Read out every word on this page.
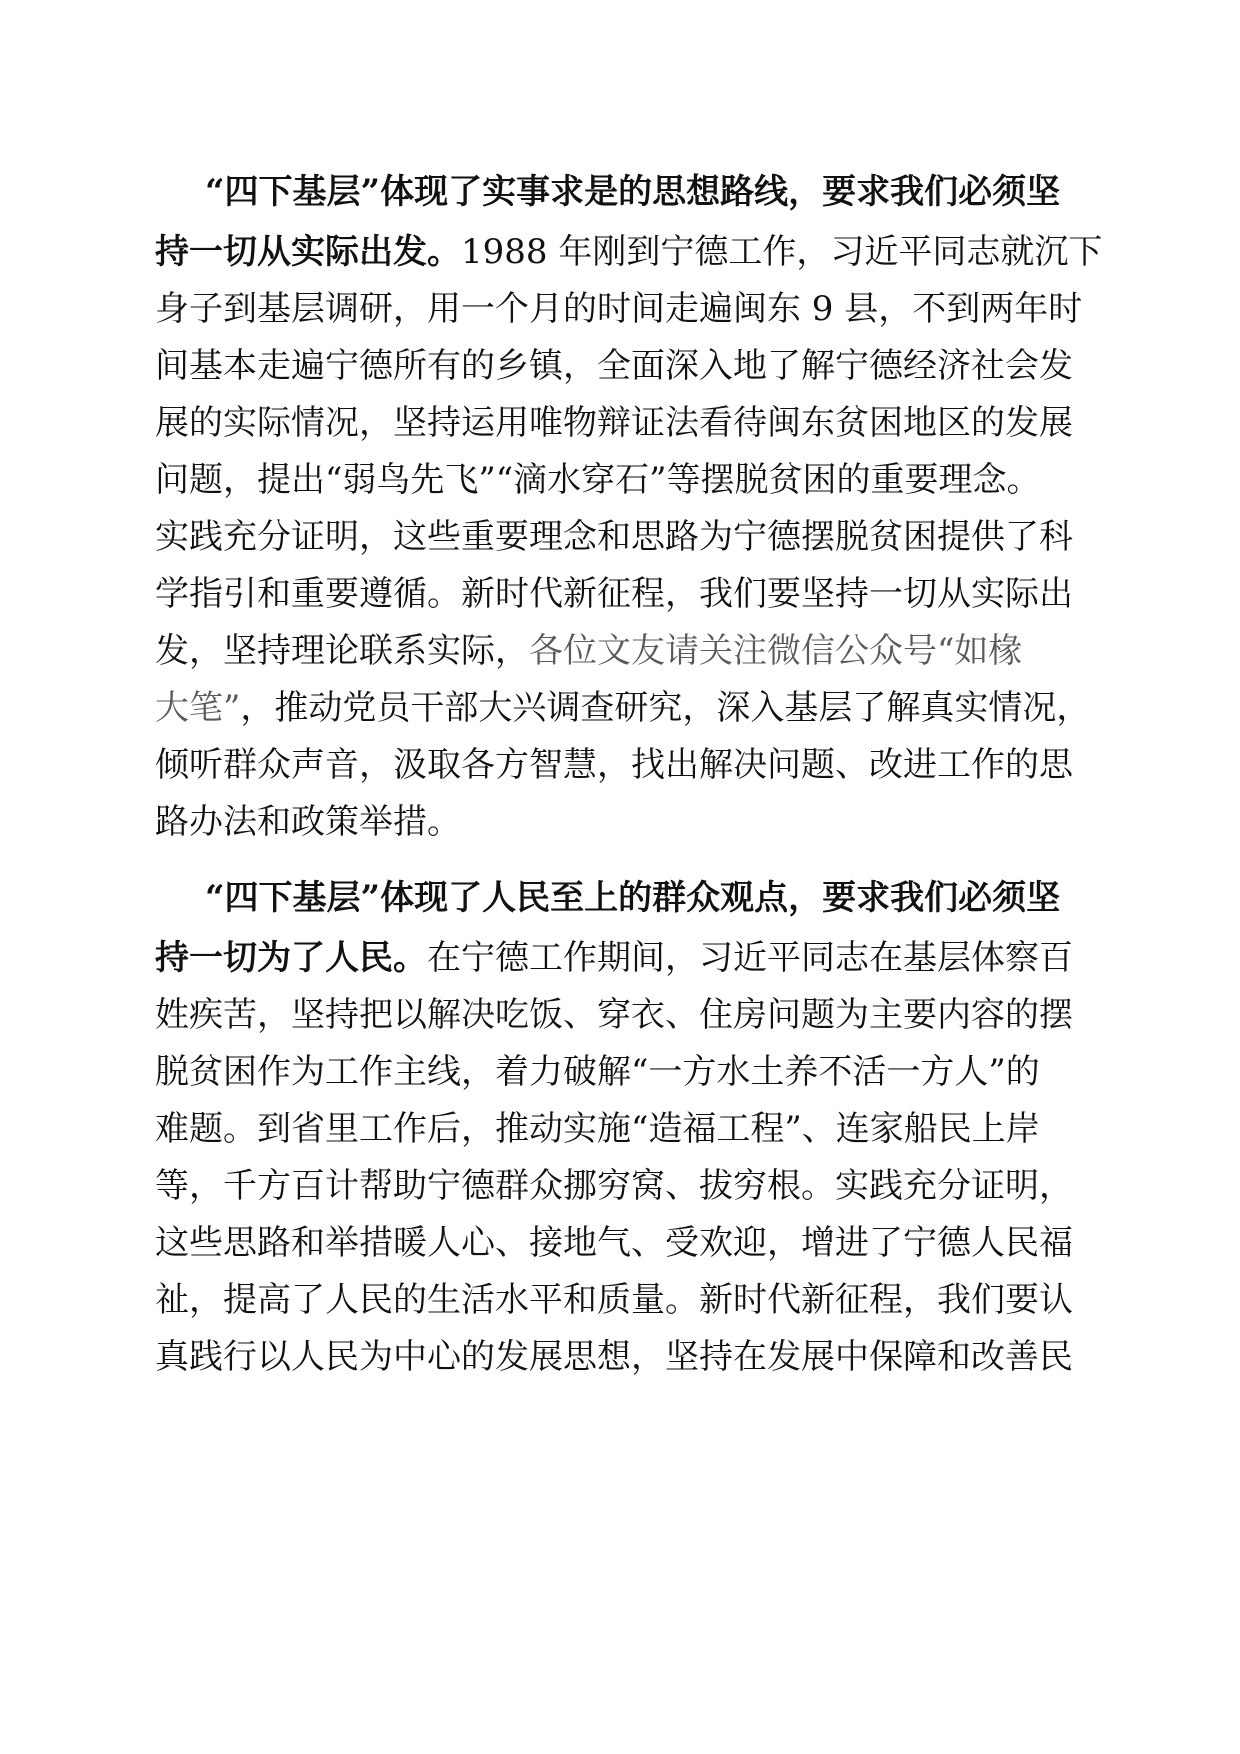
“四下基层”体现了实事求是的思想路线，要求我们必须坚
持一切从实际出发。1988 年刚到宁德工作，习近平同志就沉下
身子到基层调研，用一个月的时间走遍闽东 9 县，不到两年时
间基本走遍宁德所有的乡镇，全面深入地了解宁德经济社会发
展的实际情况，坚持运用唯物辩证法看待闽东贫困地区的发展
问题，提出“弱鸟先飞”“滴水穿石”等摆脱贫困的重要理念。
实践充分证明，这些重要理念和思路为宁德摆脱贫困提供了科
学指引和重要遵循。新时代新征程，我们要坚持一切从实际出
发，坚持理论联系实际，各位文友请关注微信公众号“如椽
大笔”，推动党员干部大兴调查研究，深入基层了解真实情况，
倾听群众声音，汲取各方智慧，找出解决问题、改进工作的思
路办法和政策举措。
“四下基层”体现了人民至上的群众观点，要求我们必须坚
持一切为了人民。在宁德工作期间，习近平同志在基层体察百
姓疾苦，坚持把以解决吃饭、穿衣、住房问题为主要内容的摆
脱贫困作为工作主线，着力破解“一方水土养不活一方人”的
难题。到省里工作后，推动实施“造福工程”、连家船民上岸
等，千方百计帮助宁德群众挪穷窝、拔穷根。实践充分证明，
这些思路和举措暖人心、接地气、受欢迎，增进了宁德人民福
祉，提高了人民的生活水平和质量。新时代新征程，我们要认
真践行以人民为中心的发展思想，坚持在发展中保障和改善民
